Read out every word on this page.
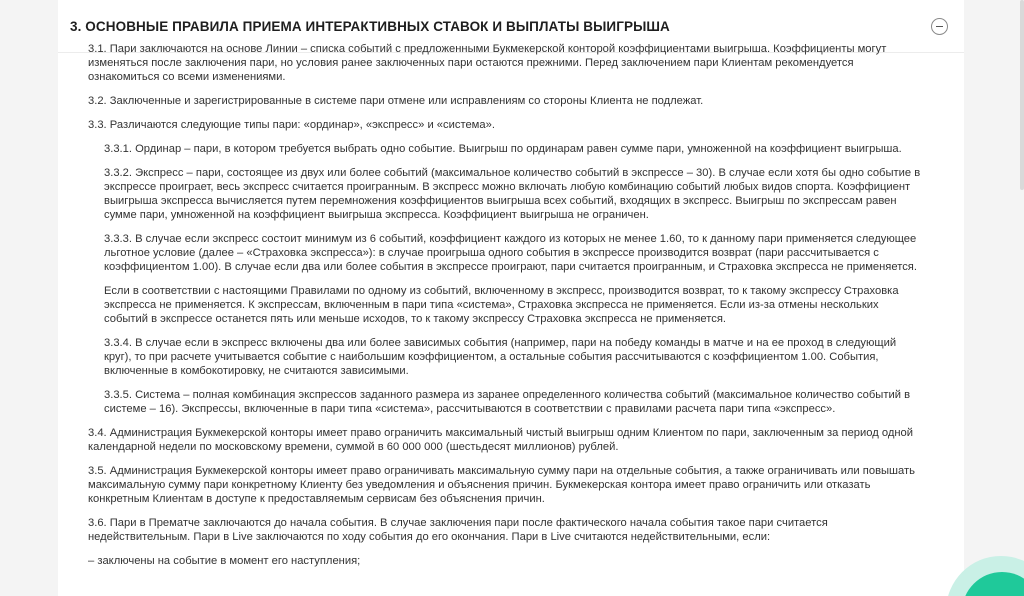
3. ОСНОВНЫЕ ПРАВИЛА ПРИЕМА ИНТЕРАКТИВНЫХ СТАВОК И ВЫПЛАТЫ ВЫИГРЫША

3.1. Пари заключаются на основе Линии – списка событий с предложенными Букмекерской конторой коэффициентами выигрыша. Коэффициенты могут изменяться после заключения пари, но условия ранее заключенных пари остаются прежними. Перед заключением пари Клиентам рекомендуется ознакомиться со всеми изменениями.

3.2. Заключенные и зарегистрированные в системе пари отмене или исправлениям со стороны Клиента не подлежат.

3.3. Различаются следующие типы пари: «ординар», «экспресс» и «система».

3.3.1. Ординар – пари, в котором требуется выбрать одно событие. Выигрыш по ординарам равен сумме пари, умноженной на коэффициент выигрыша.

3.3.2. Экспресс – пари, состоящее из двух или более событий (максимальное количество событий в экспрессе – 30). В случае если хотя бы одно событие в экспрессе проиграет, весь экспресс считается проигранным. В экспресс можно включать любую комбинацию событий любых видов спорта. Коэффициент выигрыша экспресса вычисляется путем перемножения коэффициентов выигрыша всех событий, входящих в экспресс. Выигрыш по экспрессам равен сумме пари, умноженной на коэффициент выигрыша экспресса. Коэффициент выигрыша не ограничен.

3.3.3. В случае если экспресс состоит минимум из 6 событий, коэффициент каждого из которых не менее 1.60, то к данному пари применяется следующее льготное условие (далее – «Страховка экспресса»): в случае проигрыша одного события в экспрессе производится возврат (пари рассчитывается с коэффициентом 1.00). В случае если два или более события в экспрессе проиграют, пари считается проигранным, и Страховка экспресса не применяется.

Если в соответствии с настоящими Правилами по одному из событий, включенному в экспресс, производится возврат, то к такому экспрессу Страховка экспресса не применяется. К экспрессам, включенным в пари типа «система», Страховка экспресса не применяется. Если из-за отмены нескольких событий в экспрессе останется пять или меньше исходов, то к такому экспрессу Страховка экспресса не применяется.

3.3.4. В случае если в экспресс включены два или более зависимых события (например, пари на победу команды в матче и на ее проход в следующий круг), то при расчете учитывается событие с наибольшим коэффициентом, а остальные события рассчитываются с коэффициентом 1.00. События, включенные в комбокотировку, не считаются зависимыми.

3.3.5. Система – полная комбинация экспрессов заданного размера из заранее определенного количества событий (максимальное количество событий в системе – 16). Экспрессы, включенные в пари типа «система», рассчитываются в соответствии с правилами расчета пари типа «экспресс».

3.4. Администрация Букмекерской конторы имеет право ограничить максимальный чистый выигрыш одним Клиентом по пари, заключенным за период одной календарной недели по московскому времени, суммой в 60 000 000 (шестьдесят миллионов) рублей.

3.5. Администрация Букмекерской конторы имеет право ограничивать максимальную сумму пари на отдельные события, а также ограничивать или повышать максимальную сумму пари конкретному Клиенту без уведомления и объяснения причин. Букмекерская контора имеет право ограничить или отказать конкретным Клиентам в доступе к предоставляемым сервисам без объяснения причин.

3.6. Пари в Прематче заключаются до начала события. В случае заключения пари после фактического начала события такое пари считается недействительным. Пари в Live заключаются по ходу события до его окончания. Пари в Live считаются недействительными, если:

– заключены на событие в момент его наступления;
